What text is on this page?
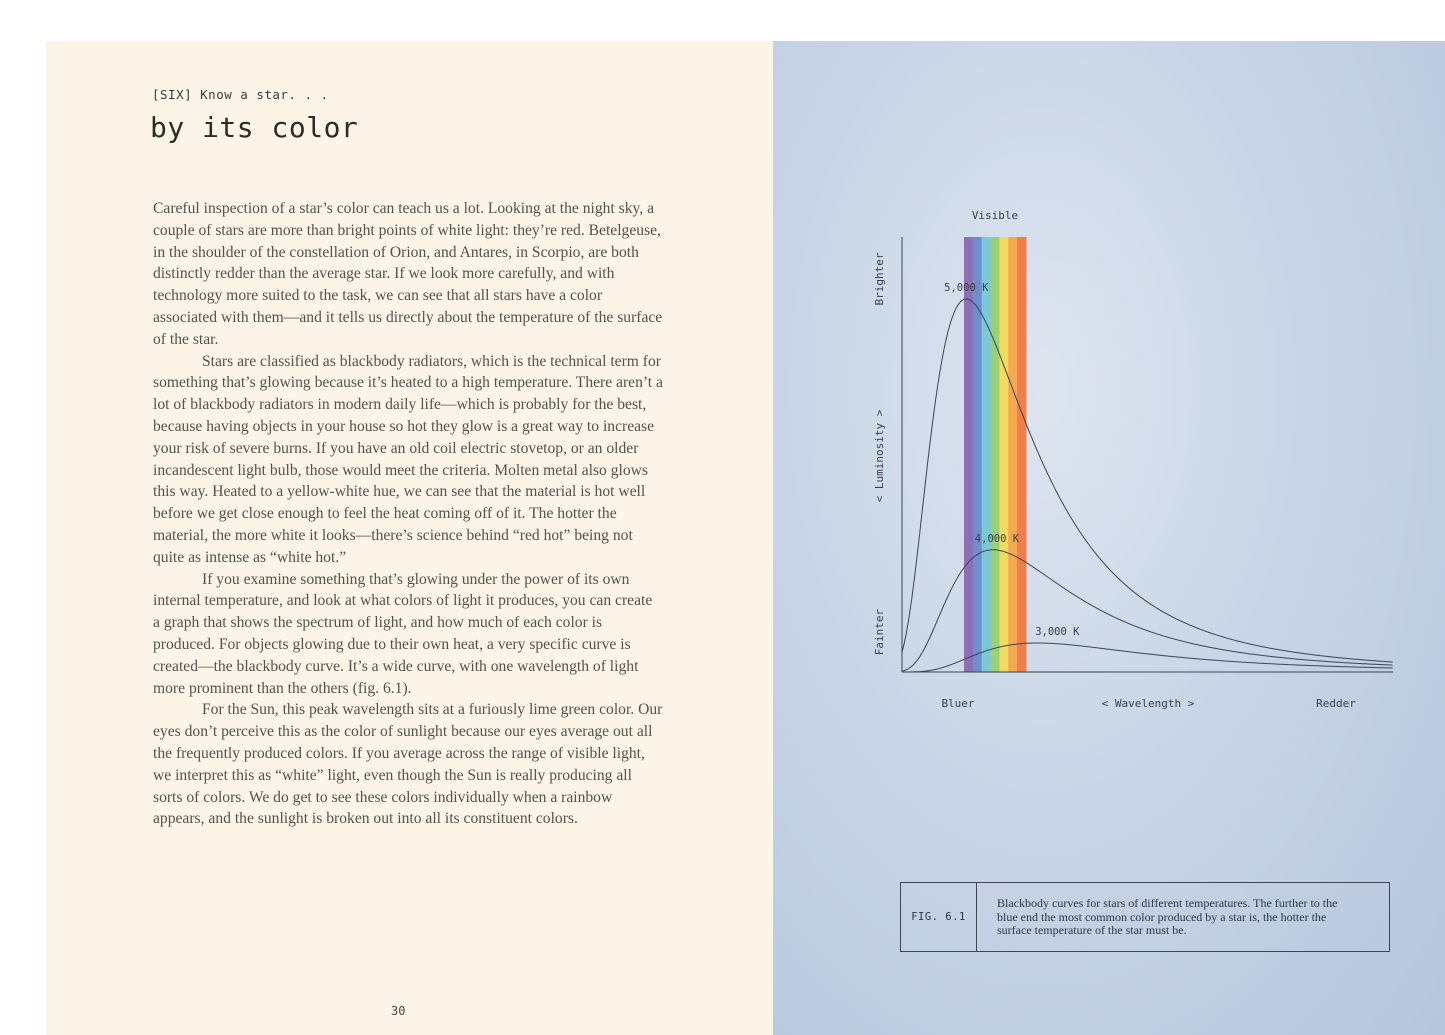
[SIX] Know a star. . .
by its color

Careful inspection of a star’s color can teach us a lot. Looking at the night sky, a couple of stars are more than bright points of white light: they’re red. Betelgeuse, in the shoulder of the constellation of Orion, and Antares, in Scorpio, are both distinctly redder than the average star. If we look more carefully, and with technology more suited to the task, we can see that all stars have a color associated with them—and it tells us directly about the temperature of the surface of the star.

Stars are classified as blackbody radiators, which is the technical term for something that’s glowing because it’s heated to a high temperature. There aren’t a lot of blackbody radiators in modern daily life—which is probably for the best, because having objects in your house so hot they glow is a great way to increase your risk of severe burns. If you have an old coil electric stovetop, or an older incandescent light bulb, those would meet the criteria. Molten metal also glows this way. Heated to a yellow-white hue, we can see that the material is hot well before we get close enough to feel the heat coming off of it. The hotter the material, the more white it looks—there’s science behind “red hot” being not quite as intense as “white hot.”

If you examine something that’s glowing under the power of its own internal temperature, and look at what colors of light it produces, you can create a graph that shows the spectrum of light, and how much of each color is produced. For objects glowing due to their own heat, a very specific curve is created—the blackbody curve. It’s a wide curve, with one wavelength of light more prominent than the others (fig. 6.1).

For the Sun, this peak wavelength sits at a furiously lime green color. Our eyes don’t perceive this as the color of sunlight because our eyes average out all the frequently produced colors. If you average across the range of visible light, we interpret this as “white” light, even though the Sun is really producing all sorts of colors. We do get to see these colors individually when a rainbow appears, and the sunlight is broken out into all its constituent colors.

30
Visible
Bluer	< Wavelength >	Redder
Brighter
< Luminosity >
Fainter
5,000 K
4,000 K
3,000 K
FIG. 6.1
Blackbody curves for stars of different temperatures. The further to the blue end the most common color produced by a star is, the hotter the surface temperature of the star must be.
